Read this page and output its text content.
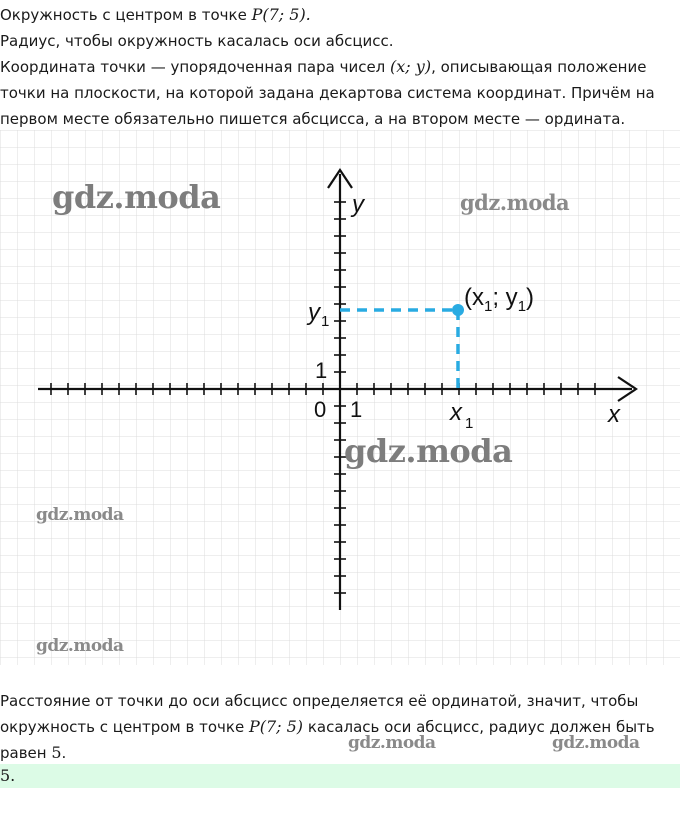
Окружность с центром в точке P(7; 5).

Радиус, чтобы окружность касалась оси абсцисс.

Координата точки — упорядоченная пара чисел (x; y), описывающая положение точки на плоскости, на которой задана декартова система координат. Причём на первом месте обязательно пишется абсцисса, а на втором месте — ордината.

y
x
y 1
1
0 1	x 1
($x_1$; $y_1$)
gdz.moda	gdz.moda
gdz.moda
gdz.moda
gdz.moda

Расстояние от точки до оси абсцисс определяется её ординатой, значит, чтобы окружность с центром в точке P(7; 5) касалась оси абсцисс, радиус должен быть равен 5.	gdz.moda	gdz.moda
5.
